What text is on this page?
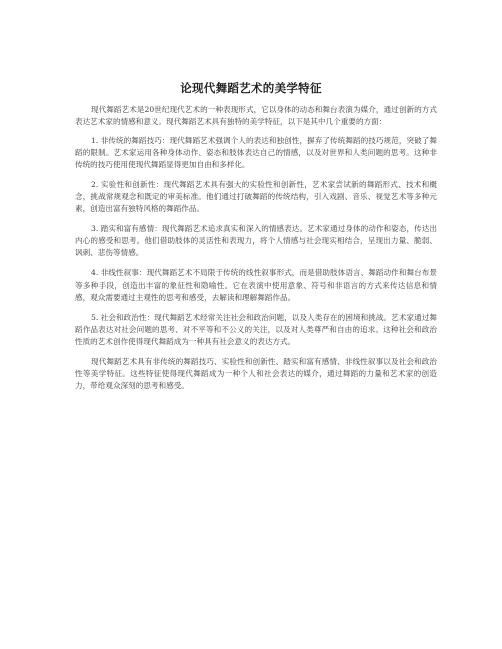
论现代舞蹈艺术的美学特征

现代舞蹈艺术是20世纪现代艺术的一种表现形式，它以身体的动态和舞台表演为媒介，通过创新的方式表达艺术家的情感和意义。现代舞蹈艺术具有独特的美学特征，以下是其中几个重要的方面：

1. 非传统的舞蹈技巧：现代舞蹈艺术强调个人的表达和独创性，摒弃了传统舞蹈的技巧规范，突破了舞蹈的限制。艺术家运用各种身体动作、姿态和肢体表达自己的情感，以及对世界和人类问题的思考。这种非传统的技巧使用使现代舞蹈显得更加自由和多样化。

2. 实验性和创新性：现代舞蹈艺术具有强大的实验性和创新性，艺术家尝试新的舞蹈形式、技术和概念，挑战常规观念和既定的审美标准。他们通过打破舞蹈的传统结构，引入戏剧、音乐、视觉艺术等多种元素，创造出富有独特风格的舞蹈作品。

3. 踏实和富有感情：现代舞蹈艺术追求真实和深入的情感表达。艺术家通过身体的动作和姿态，传达出内心的感受和思考。他们借助肢体的灵活性和表现力，将个人情感与社会现实相结合，呈现出力量、脆弱、讽刺、悲伤等情感。

4. 非线性叙事：现代舞蹈艺术不局限于传统的线性叙事形式，而是借助肢体语言、舞蹈动作和舞台布景等多种手段，创造出丰富的象征性和隐喻性。它在表演中使用意象、符号和非语言的方式来传达信息和情感，观众需要通过主观性的思考和感受，去解读和理解舞蹈作品。

5. 社会和政治性：现代舞蹈艺术经常关注社会和政治问题，以及人类存在的困境和挑战。艺术家通过舞蹈作品表达对社会问题的思考、对不平等和不公义的关注，以及对人类尊严和自由的追求。这种社会和政治性质的艺术创作使得现代舞蹈成为一种具有社会意义的表达方式。

现代舞蹈艺术具有非传统的舞蹈技巧、实验性和创新性、踏实和富有感情、非线性叙事以及社会和政治性等美学特征。这些特征使得现代舞蹈成为一种个人和社会表达的媒介，通过舞蹈的力量和艺术家的创造力，带给观众深刻的思考和感受。
